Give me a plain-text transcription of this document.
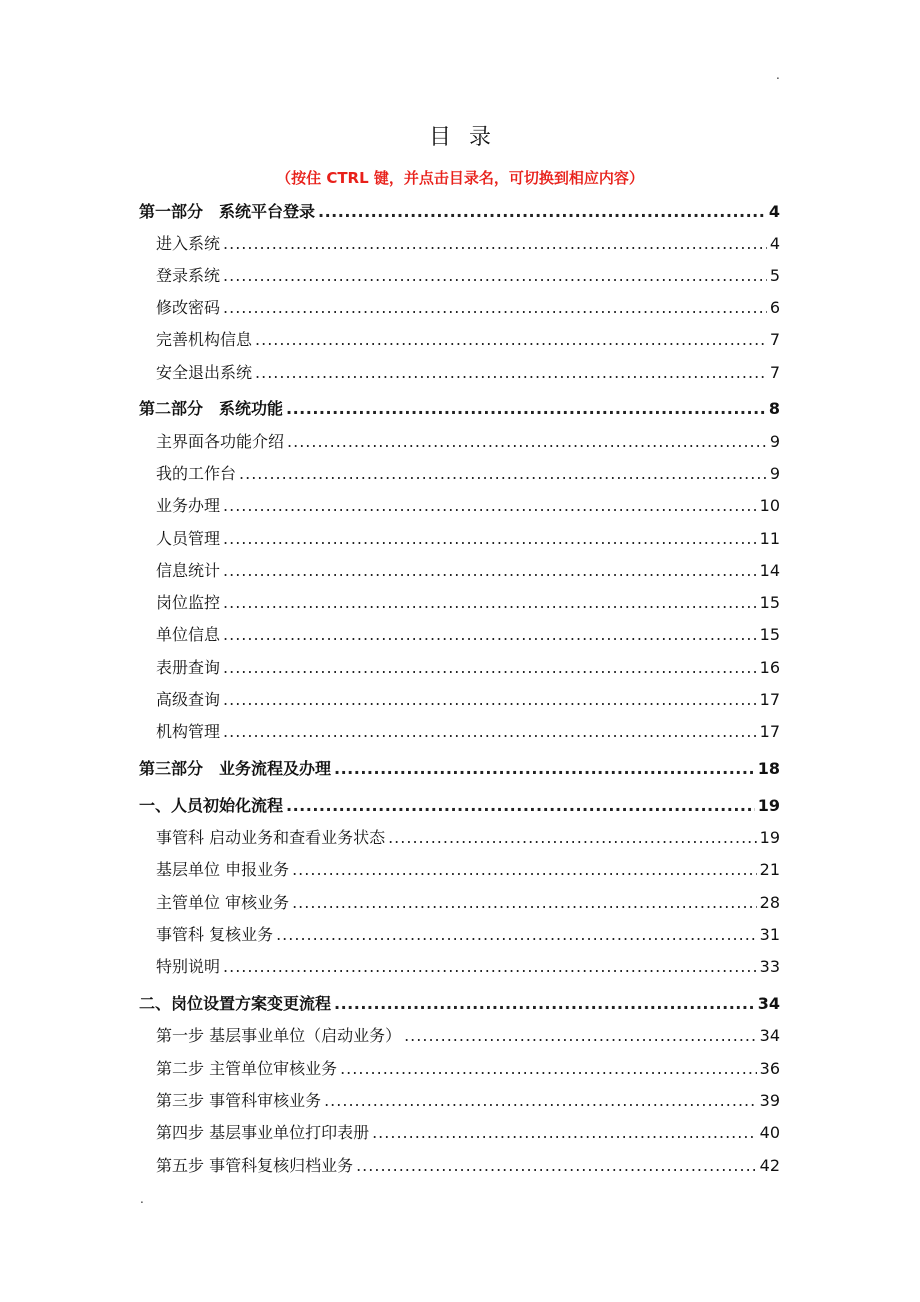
.
.
目录
（按住 CTRL 键，并点击目录名，可切换到相应内容）
第一部分　系统平台登录 .....	4
进入系统 .....	4
登录系统 .....	5
修改密码 .....	6
完善机构信息 .....	7
安全退出系统 .....	7
第二部分　系统功能 .....	8
主界面各功能介绍 .....	9
我的工作台 .....	9
业务办理 .....	10
人员管理 .....	11
信息统计 .....	14
岗位监控 .....	15
单位信息 .....	15
表册查询 .....	16
高级查询 .....	17
机构管理 .....	17
第三部分　业务流程及办理 .....	18
一、人员初始化流程 .....	19
事管科 启动业务和查看业务状态 .....	19
基层单位 申报业务 .....	21
主管单位 审核业务 .....	28
事管科 复核业务 .....	31
特别说明 .....	33
二、岗位设置方案变更流程 .....	34
第一步 基层事业单位（启动业务） .....	34
第二步 主管单位审核业务 .....	36
第三步 事管科审核业务 .....	39
第四步 基层事业单位打印表册 .....	40
第五步 事管科复核归档业务 .....	42
